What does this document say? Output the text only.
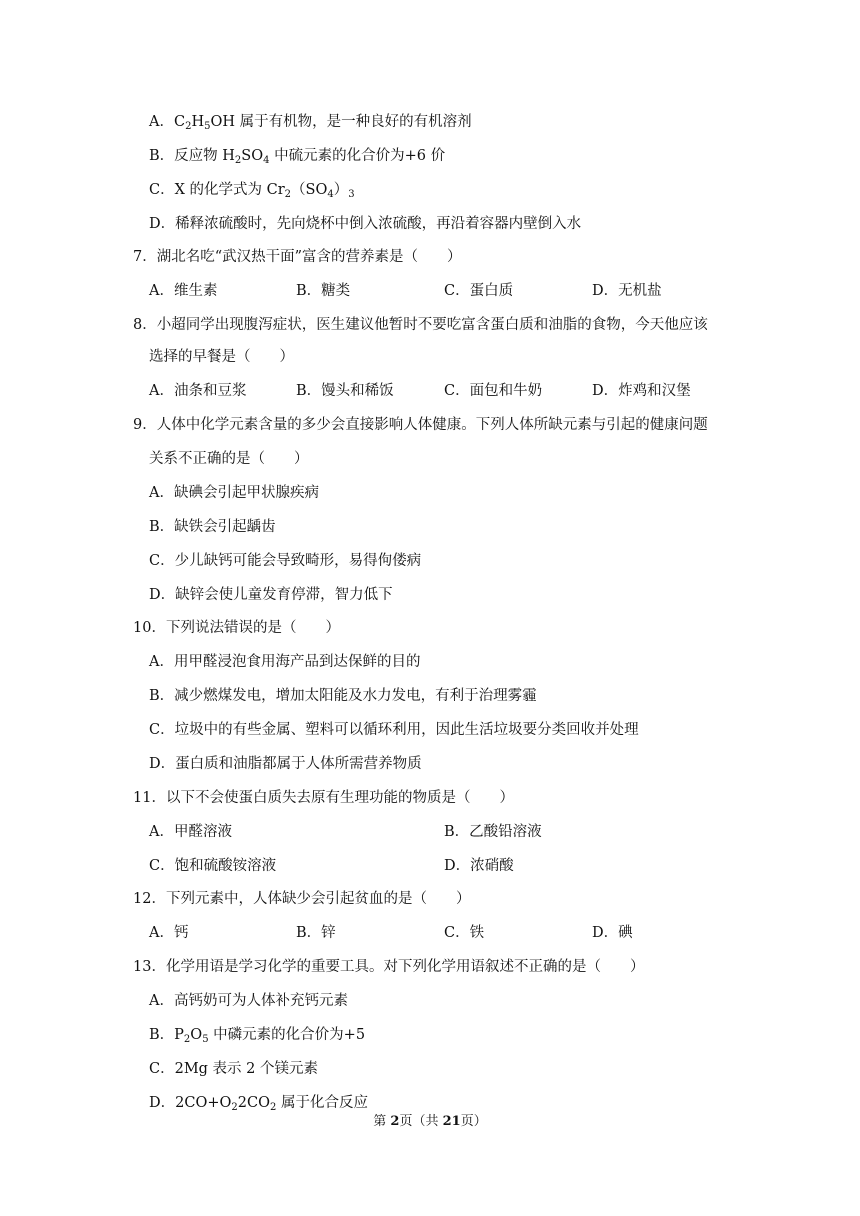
A．$C_2H_5OH$ 属于有机物，是一种良好的有机溶剂
B．反应物 $H_2SO_4$ 中硫元素的化合价为+6 价
C．X 的化学式为 $Cr_2(SO_4)_3$
D．稀释浓硫酸时，先向烧杯中倒入浓硫酸，再沿着容器内壁倒入水
7．湖北名吃“武汉热干面”富含的营养素是（　　）
A．维生素	B．糖类	C．蛋白质	D．无机盐
8．小超同学出现腹泻症状，医生建议他暂时不要吃富含蛋白质和油脂的食物，今天他应该
选择的早餐是（　　）
A．油条和豆浆	B．馒头和稀饭	C．面包和牛奶	D．炸鸡和汉堡
9．人体中化学元素含量的多少会直接影响人体健康。下列人体所缺元素与引起的健康问题
关系不正确的是（　　）
A．缺碘会引起甲状腺疾病
B．缺铁会引起龋齿
C．少儿缺钙可能会导致畸形，易得佝偻病
D．缺锌会使儿童发育停滞，智力低下
10．下列说法错误的是（　　）
A．用甲醛浸泡食用海产品到达保鲜的目的
B．减少燃煤发电，增加太阳能及水力发电，有利于治理雾霾
C．垃圾中的有些金属、塑料可以循环利用，因此生活垃圾要分类回收并处理
D．蛋白质和油脂都属于人体所需营养物质
11．以下不会使蛋白质失去原有生理功能的物质是（　　）
A．甲醛溶液	B．乙酸铅溶液
C．饱和硫酸铵溶液	D．浓硝酸
12．下列元素中，人体缺少会引起贫血的是（　　）
A．钙	B．锌	C．铁	D．碘
13．化学用语是学习化学的重要工具。对下列化学用语叙述不正确的是（　　）
A．高钙奶可为人体补充钙元素
B．$P_2O_5$ 中磷元素的化合价为+5
C．2Mg 表示 2 个镁元素
D．$2CO+O_22CO_2$ 属于化合反应
第 2页（共 21页）
